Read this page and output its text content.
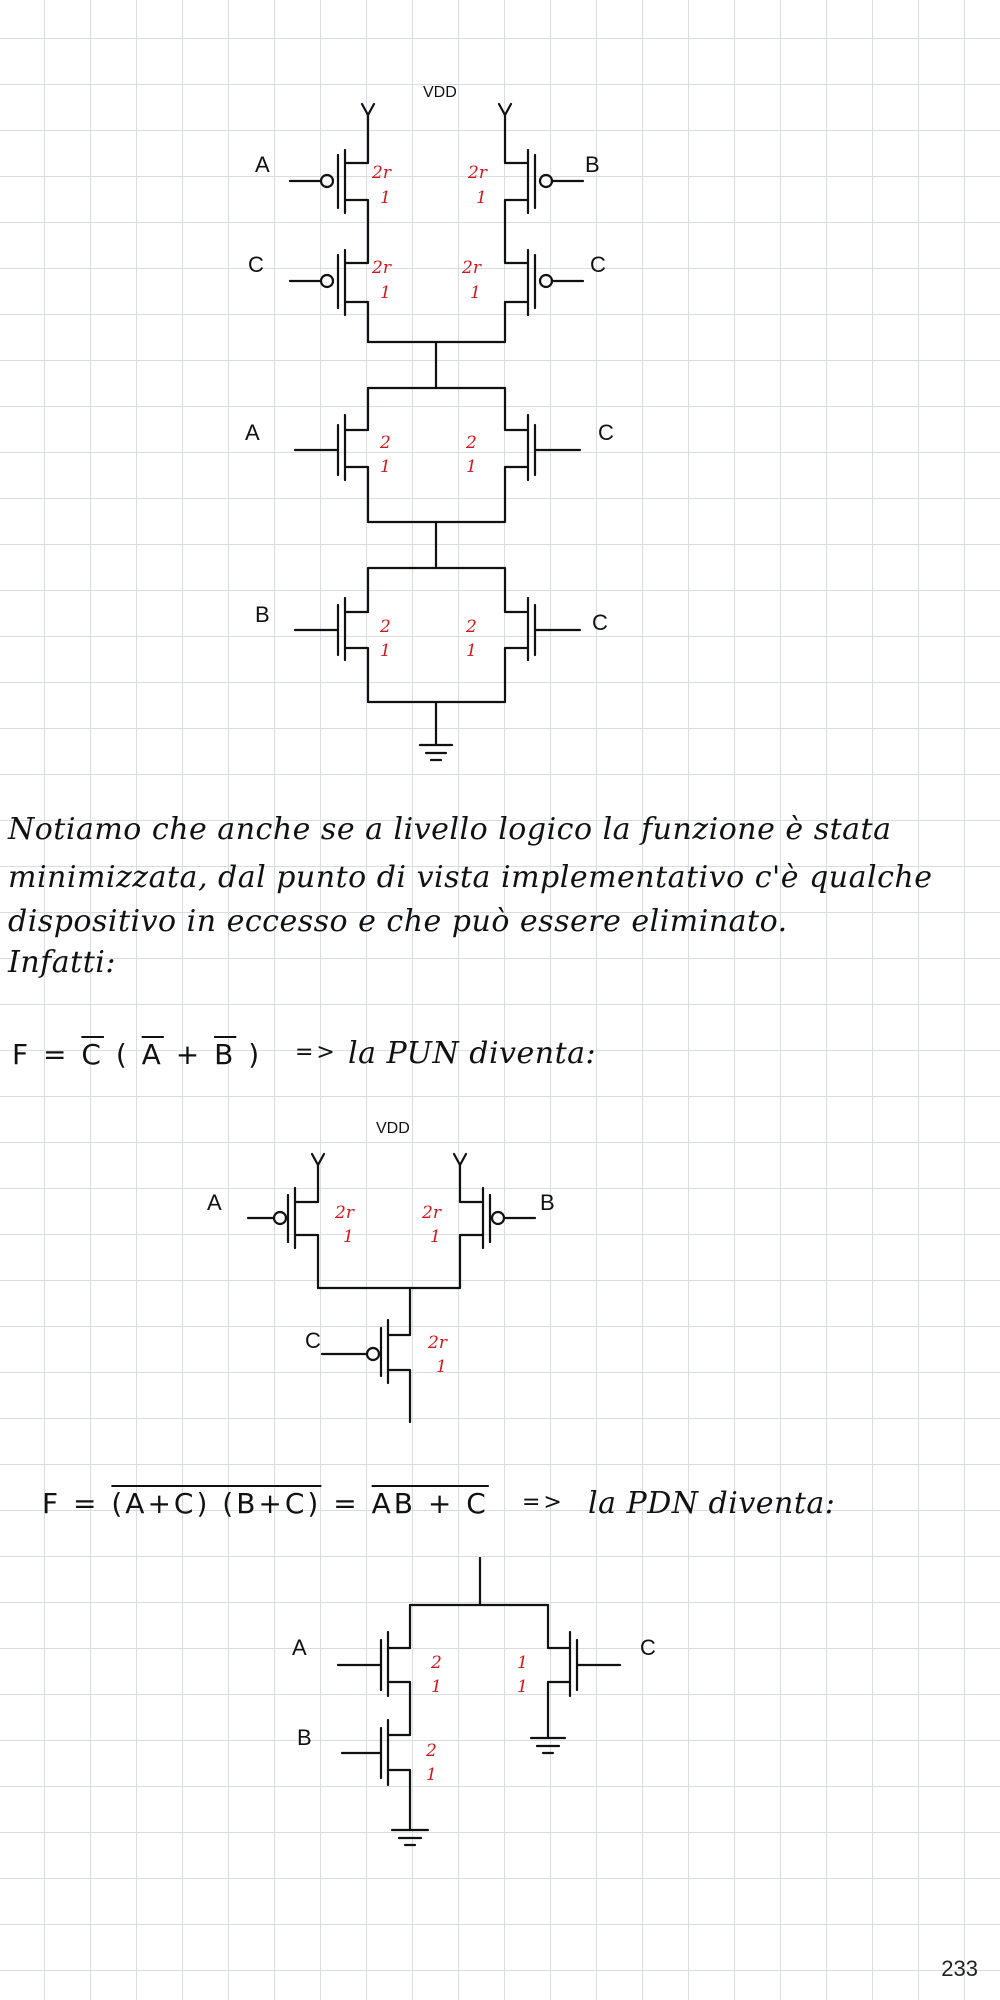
VDD
A	B
C	C
2r
1
2r
1
2r
1
2r
1
A	C
B	C
2
1
2
1
2
1
2
1
VDD
A	B
C
2r
1
2r
1
2r
1
A	C
B
2
1
1
1
2
1
Notiamo che anche se a livello logico la funzione è stata
minimizzata, dal punto di vista implementativo c'è qualche
dispositivo in eccesso e che può essere eliminato.
Infatti:
$F = \overline{C}$ ( $\overline{A} + \overline{B}$ ) => la PUN diventa:
F = (A+C) (B+C) = AB + C => la PDN diventa:
233
